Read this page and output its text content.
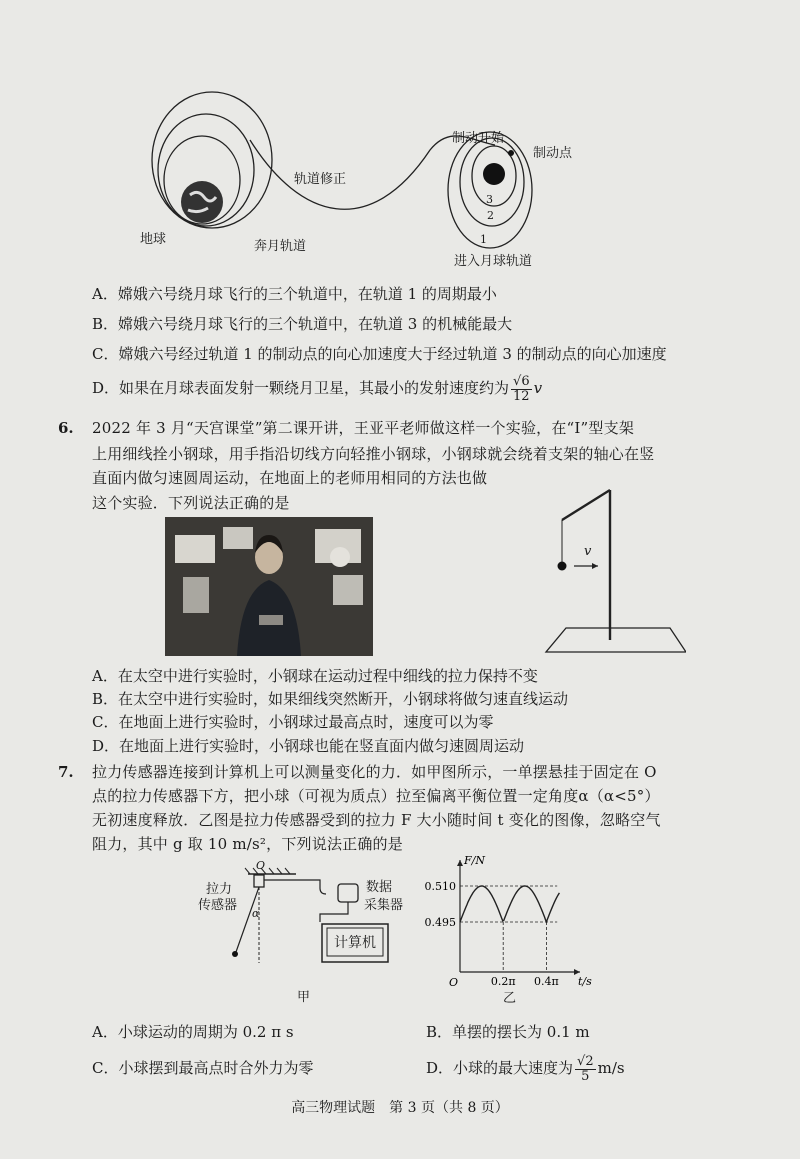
制动开始
制动点
轨道修正
地球	奔月轨道
进入月球轨道
3
2
1
A．嫦娥六号绕月球飞行的三个轨道中，在轨道 1 的周期最小
B．嫦娥六号绕月球飞行的三个轨道中，在轨道 3 的机械能最大
C．嫦娥六号经过轨道 1 的制动点的向心加速度大于经过轨道 3 的制动点的向心加速度
D．如果在月球表面发射一颗绕月卫星，其最小的发射速度约为 $\frac{√6}{12}$ v
6. 2022 年 3 月“天宫课堂”第二课开讲，王亚平老师做这样一个实验，在“I”型支架
上用细线拴小钢球，用手指沿切线方向轻推小钢球，小钢球就会绕着支架的轴心在竖
直面内做匀速圆周运动，在地面上的老师用相同的方法也做
这个实验．下列说法正确的是
v
A．在太空中进行实验时，小钢球在运动过程中细线的拉力保持不变
B．在太空中进行实验时，如果细线突然断开，小钢球将做匀速直线运动
C．在地面上进行实验时，小钢球过最高点时，速度可以为零
D．在地面上进行实验时，小钢球也能在竖直面内做匀速圆周运动
7. 拉力传感器连接到计算机上可以测量变化的力．如甲图所示，一单摆悬挂于固定在 O
点的拉力传感器下方，把小球（可视为质点）拉至偏离平衡位置一定角度α（α<5°）
无初速度释放．乙图是拉力传感器受到的拉力 F 大小随时间 t 变化的图像，忽略空气
阻力，其中 g 取 10 m/s²，下列说法正确的是
O
拉力
传感器
α
数据
采集器
计算机
甲
0.510
0.495
0.2π 0.4π
O
F/N
t/s
乙
A．小球运动的周期为 0.2 π s	B．单摆的摆长为 0.1 m
C．小球摆到最高点时合外力为零	D．小球的最大速度为 $\frac{√2}{5} m/s$
高三物理试题　第 3 页（共 8 页）
